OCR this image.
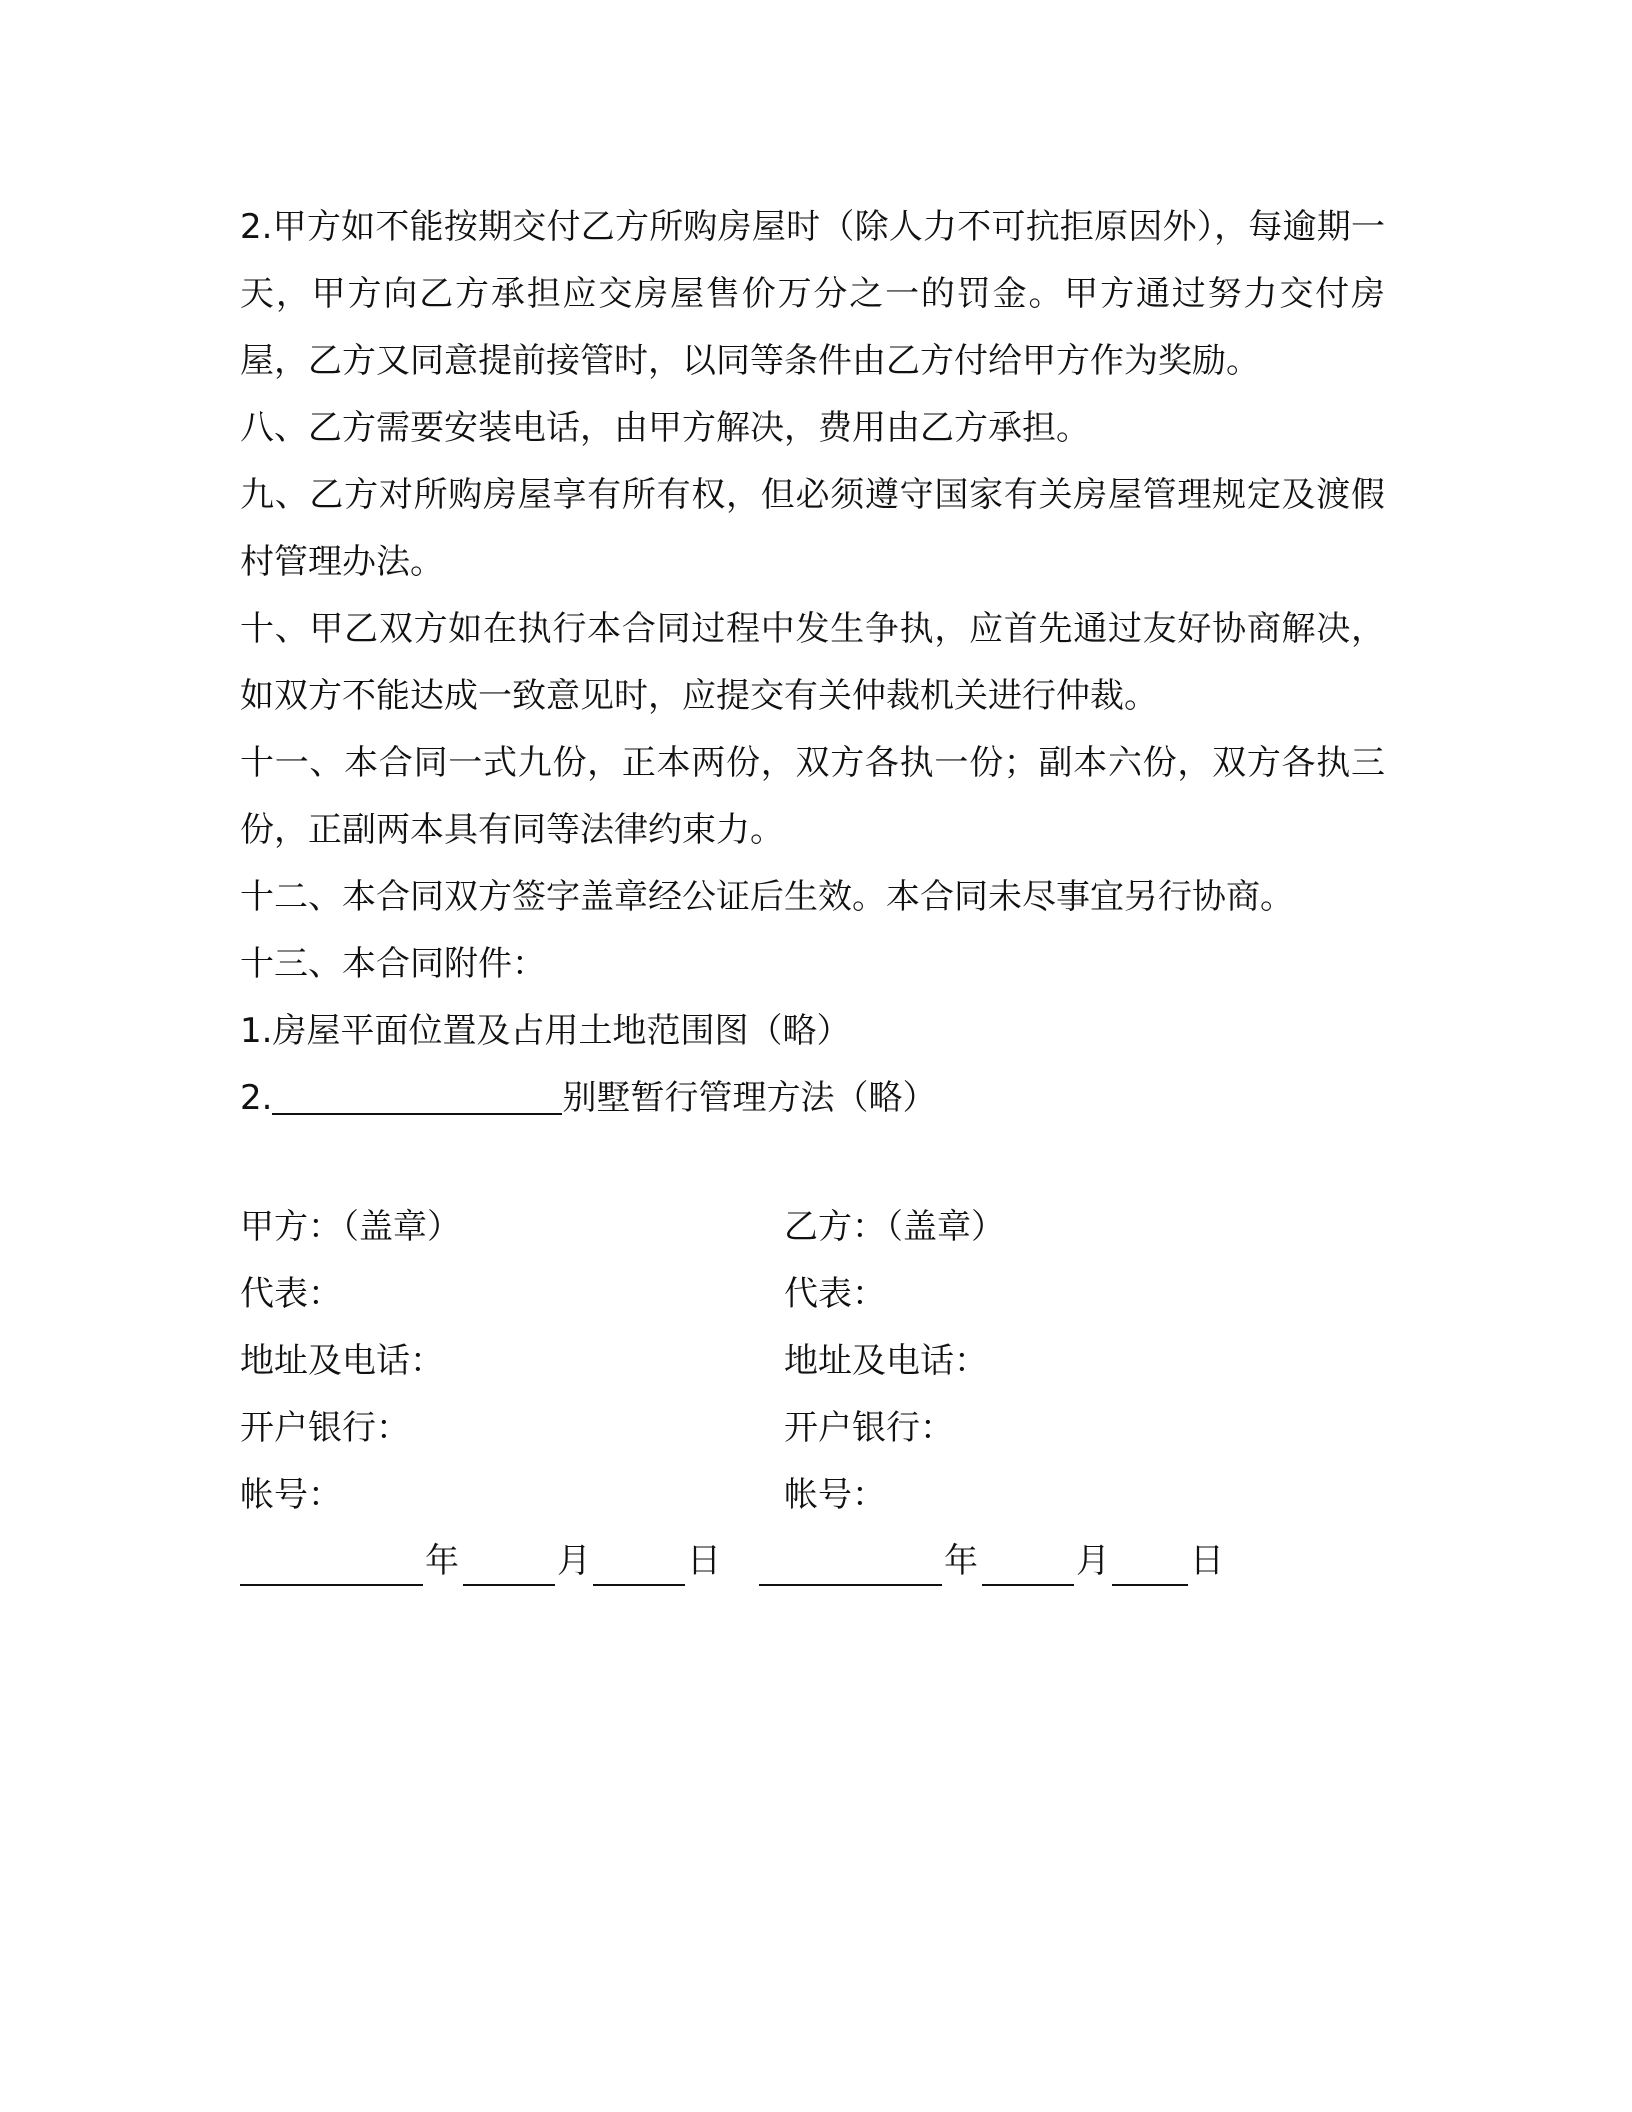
2.甲方如不能按期交付乙方所购房屋时（除人力不可抗拒原因外），每逾期一天，甲方向乙方承担应交房屋售价万分之一的罚金。甲方通过努力交付房屋，乙方又同意提前接管时，以同等条件由乙方付给甲方作为奖励。

八、乙方需要安装电话，由甲方解决，费用由乙方承担。

九、乙方对所购房屋享有所有权，但必须遵守国家有关房屋管理规定及渡假村管理办法。

十、甲乙双方如在执行本合同过程中发生争执，应首先通过友好协商解决，如双方不能达成一致意见时，应提交有关仲裁机关进行仲裁。

十一、本合同一式九份，正本两份，双方各执一份；副本六份，双方各执三份，正副两本具有同等法律约束力。

十二、本合同双方签字盖章经公证后生效。本合同未尽事宜另行协商。

十三、本合同附件：

1.房屋平面位置及占用土地范围图（略）

2.	别墅暂行管理方法（略）

甲方：（盖章）	乙方：（盖章）
代表：	代表：
地址及电话：	地址及电话：
开户银行：	开户银行：
帐号：	帐号：
年	月	日	年	月 日
